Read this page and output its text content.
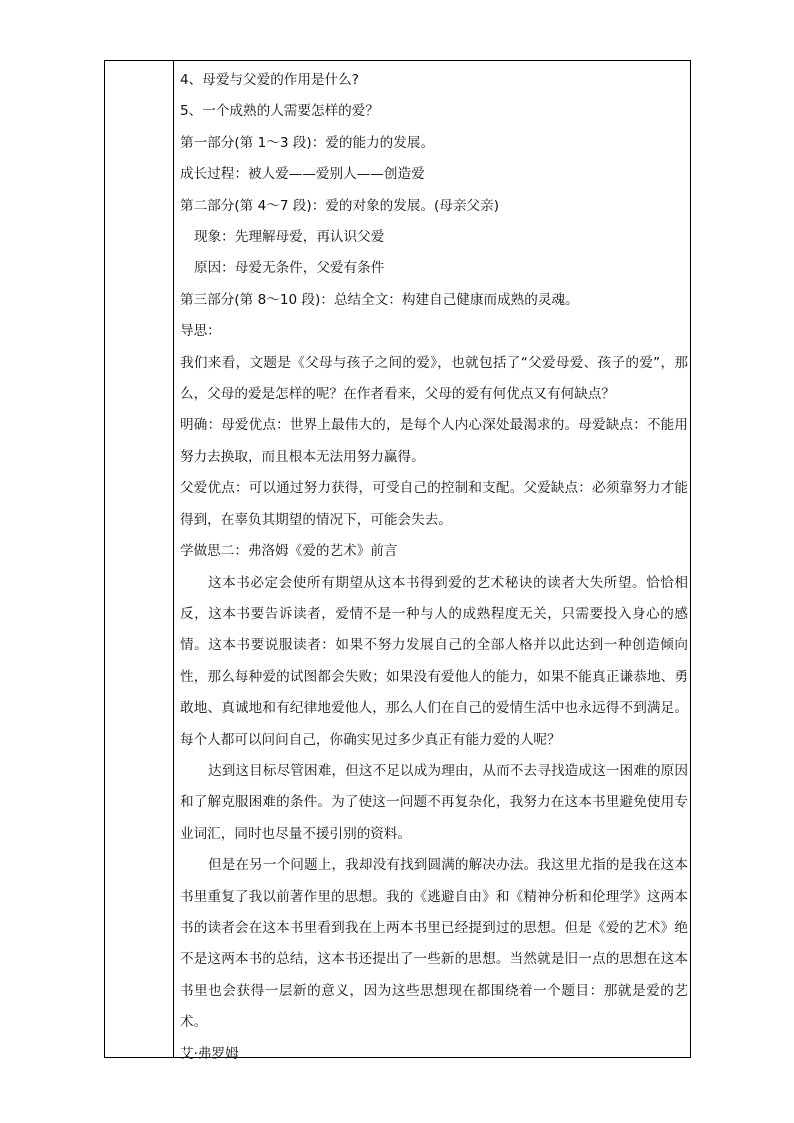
4、母爱与父爱的作用是什么?

5、一个成熟的人需要怎样的爱？

第一部分(第 1～3 段)：爱的能力的发展。

成长过程：被人爱——爱别人——创造爱

第二部分(第 4～7 段)：爱的对象的发展。(母亲父亲)

现象：先理解母爱，再认识父爱

原因：母爱无条件，父爱有条件

第三部分(第 8～10 段)：总结全文：构建自己健康而成熟的灵魂。

导思：

我们来看，文题是《父母与孩子之间的爱》，也就包括了“父爱母爱、孩子的爱”，那么，父母的爱是怎样的呢？在作者看来，父母的爱有何优点又有何缺点？

明确：母爱优点：世界上最伟大的，是每个人内心深处最渴求的。母爱缺点：不能用努力去换取，而且根本无法用努力赢得。

父爱优点：可以通过努力获得，可受自己的控制和支配。父爱缺点：必须靠努力才能得到，在辜负其期望的情况下，可能会失去。

学做思二：弗洛姆《爱的艺术》前言

这本书必定会使所有期望从这本书得到爱的艺术秘诀的读者大失所望。恰恰相反，这本书要告诉读者，爱情不是一种与人的成熟程度无关，只需要投入身心的感情。这本书要说服读者：如果不努力发展自己的全部人格并以此达到一种创造倾向性，那么每种爱的试图都会失败；如果没有爱他人的能力，如果不能真正谦恭地、勇敢地、真诚地和有纪律地爱他人，那么人们在自己的爱情生活中也永远得不到满足。每个人都可以问问自己，你确实见过多少真正有能力爱的人呢？

达到这目标尽管困难，但这不足以成为理由，从而不去寻找造成这一困难的原因和了解克服困难的条件。为了使这一问题不再复杂化，我努力在这本书里避免使用专业词汇，同时也尽量不援引别的资料。

但是在另一个问题上，我却没有找到圆满的解决办法。我这里尤指的是我在这本书里重复了我以前著作里的思想。我的《逃避自由》和《精神分析和伦理学》这两本书的读者会在这本书里看到我在上两本书里已经提到过的思想。但是《爱的艺术》绝不是这两本书的总结，这本书还提出了一些新的思想。当然就是旧一点的思想在这本书里也会获得一层新的意义，因为这些思想现在都围绕着一个题目：那就是爱的艺术。

艾·弗罗姆
